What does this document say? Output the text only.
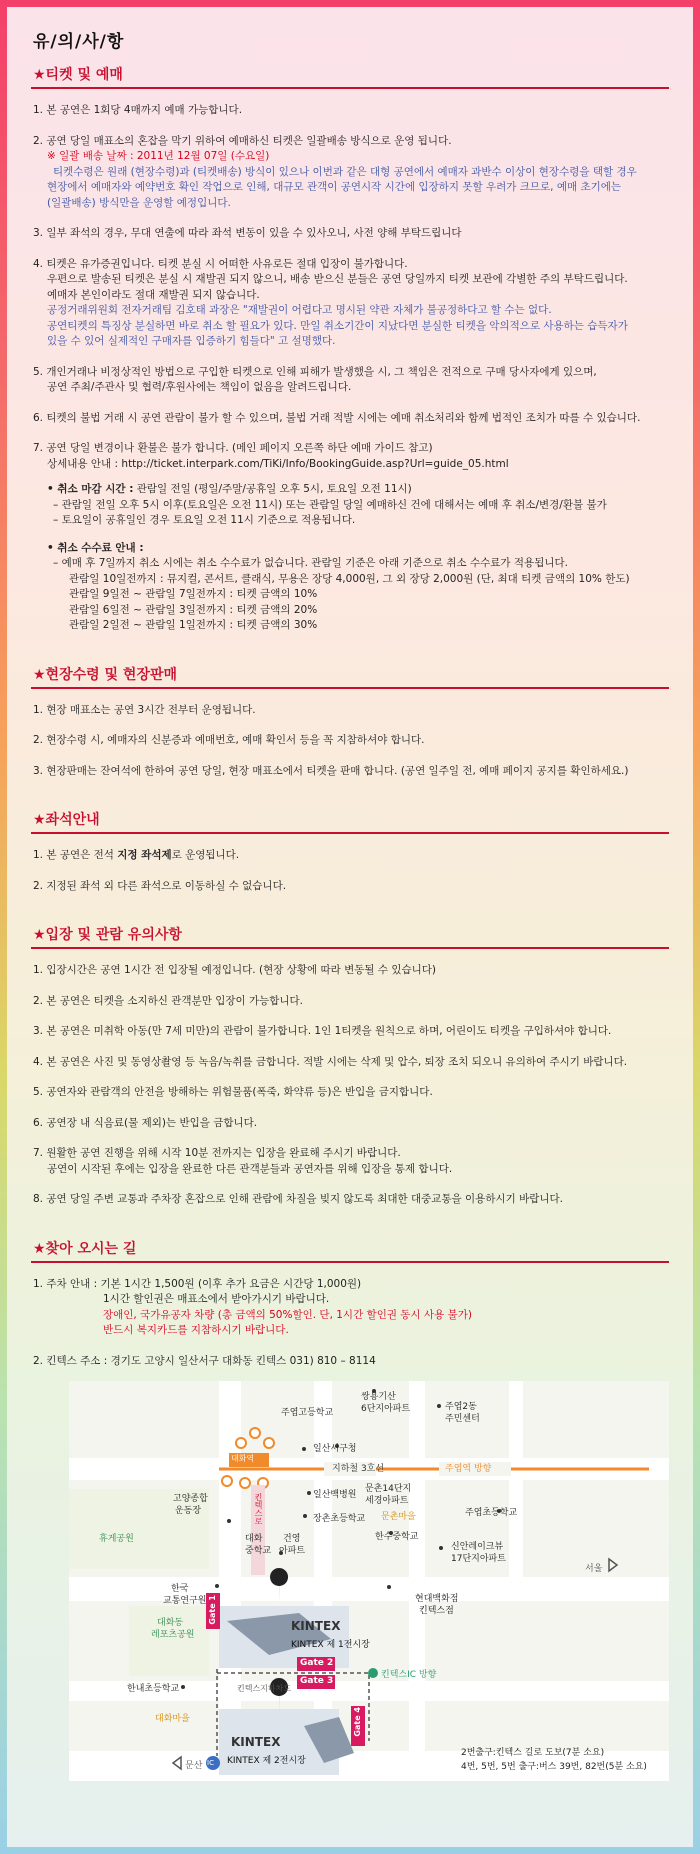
유/의/사/항
★티켓 및 예매
1. 본 공연은 1회당 4매까지 예매 가능합니다.
2. 공연 당일 매표소의 혼잡을 막기 위하여 예매하신 티켓은 일괄배송 방식으로 운영 됩니다.
※ 일괄 배송 날짜 : 2011년 12월 07일 (수요일)
티켓수령은 원래 (현장수령)과 (티켓배송) 방식이 있으나 이번과 같은 대형 공연에서 예매자 과반수 이상이 현장수령을 택할 경우
현장에서 예매자와 예약번호 확인 작업으로 인해, 대규모 관객이 공연시작 시간에 입장하지 못할 우려가 크므로, 예매 초기에는
(일괄배송) 방식만을 운영할 예정입니다.
3. 일부 좌석의 경우, 무대 연출에 따라 좌석 변동이 있을 수 있사오니, 사전 양해 부탁드립니다
4. 티켓은 유가증권입니다. 티켓 분실 시 어떠한 사유로든 절대 입장이 불가합니다.
우편으로 발송된 티켓은 분실 시 재발권 되지 않으니, 배송 받으신 분들은 공연 당일까지 티켓 보관에 각별한 주의 부탁드립니다.
예매자 본인이라도 절대 재발권 되지 않습니다.
공정거래위원회 전자거래팀 김호태 과장은 "재발권이 어렵다고 명시된 약관 자체가 불공정하다고 할 수는 없다.
공연티켓의 특징상 분실하면 바로 취소 할 필요가 있다. 만일 취소기간이 지났다면 분실한 티켓을 악의적으로 사용하는 습득자가
있을 수 있어 실제적인 구매자를 입증하기 힘들다" 고 설명했다.
5. 개인거래나 비정상적인 방법으로 구입한 티켓으로 인해 피해가 발생했을 시, 그 책임은 전적으로 구매 당사자에게 있으며,
공연 주최/주관사 및 협력/후원사에는 책임이 없음을 알려드립니다.
6. 티켓의 불법 거래 시 공연 관람이 불가 할 수 있으며, 불법 거래 적발 시에는 예매 취소처리와 함께 법적인 조치가 따를 수 있습니다.
7. 공연 당일 변경이나 환불은 불가 합니다. (메인 페이지 오른쪽 하단 예매 가이드 참고)
상세내용 안내 : http://ticket.interpark.com/TiKi/Info/BookingGuide.asp?Url=guide_05.html
• 취소 마감 시간 : 관람일 전일 (평일/주말/공휴일 오후 5시, 토요일 오전 11시)
– 관람일 전일 오후 5시 이후(토요일은 오전 11시) 또는 관람일 당일 예매하신 건에 대해서는 예매 후 취소/변경/환불 불가
– 토요일이 공휴일인 경우 토요일 오전 11시 기준으로 적용됩니다.
• 취소 수수료 안내 :
– 예매 후 7일까지 취소 시에는 취소 수수료가 없습니다. 관람일 기준은 아래 기준으로 취소 수수료가 적용됩니다.
관람일 10일전까지 : 뮤지컬, 콘서트, 클래식, 무용은 장당 4,000원, 그 외 장당 2,000원 (단, 최대 티켓 금액의 10% 한도)
관람일 9일전 ~ 관람일 7일전까지 : 티켓 금액의 10%
관람일 6일전 ~ 관람일 3일전까지 : 티켓 금액의 20%
관람일 2일전 ~ 관람일 1일전까지 : 티켓 금액의 30%
★현장수령 및 현장판매
1. 현장 매표소는 공연 3시간 전부터 운영됩니다.
2. 현장수령 시, 예매자의 신분증과 예매번호, 예매 확인서 등을 꼭 지참하셔야 합니다.
3. 현장판매는 잔여석에 한하여 공연 당일, 현장 매표소에서 티켓을 판매 합니다. (공연 일주일 전, 예매 페이지 공지를 확인하세요.)
★좌석안내
1. 본 공연은 전석 지정 좌석제로 운영됩니다.
2. 지정된 좌석 외 다른 좌석으로 이동하실 수 없습니다.
★입장 및 관람 유의사항
1. 입장시간은 공연 1시간 전 입장될 예정입니다. (현장 상황에 따라 변동될 수 있습니다)
2. 본 공연은 티켓을 소지하신 관객분만 입장이 가능합니다.
3. 본 공연은 미취학 아동(만 7세 미만)의 관람이 불가합니다. 1인 1티켓을 원칙으로 하며, 어린이도 티켓을 구입하셔야 합니다.
4. 본 공연은 사진 및 동영상촬영 등 녹음/녹취를 금합니다. 적발 시에는 삭제 및 압수, 퇴장 조치 되오니 유의하여 주시기 바랍니다.
5. 공연자와 관람객의 안전을 방해하는 위험물품(폭죽, 화약류 등)은 반입을 금지합니다.
6. 공연장 내 식음료(물 제외)는 반입을 금합니다.
7. 원활한 공연 진행을 위해 시작 10분 전까지는 입장을 완료해 주시기 바랍니다.
공연이 시작된 후에는 입장을 완료한 다른 관객분들과 공연자를 위해 입장을 통제 합니다.
8. 공연 당일 주변 교통과 주차장 혼잡으로 인해 관람에 차질을 빚지 않도록 최대한 대중교통을 이용하시기 바랍니다.
★찾아 오시는 길
1. 주차 안내 : 기본 1시간 1,500원 (이후 추가 요금은 시간당 1,000원)
1시간 할인권은 매표소에서 받아가시기 바랍니다.
장애인, 국가유공자 차량 (총 금액의 50%할인. 단, 1시간 할인권 동시 사용 불가)
반드시 복지카드를 지참하시기 바랍니다.
2. 킨텍스 주소 : 경기도 고양시 일산서구 대화동 킨텍스 031) 810 – 8114
지하철 3호선	주엽역 방향
대화역
킨텍스로
Gate 1
Gate 2
Gate 3
Gate 4
KINTEX
KINTEX 제 1전시장
KINTEX
KINTEX 제 2전시장
킨텍스IC 방향
킨텍스지하차도
서울
문산 IC
휴게공원
일산서구청
일산백병원
장촌초등학교
주엽고등학교
쌍용기산
6단지아파트	주엽2동
주민센터
문촌14단지
세경아파트
문촌마을
한수중학교
주엽초등학교
신안레이크뷰
17단지아파트
고양종합
운동장
대화
중학교
건영
아파트
한국
교통연구원
대화동
레포츠공원
현대백화점
킨텍스점
한내초등학교
대화마을
2번출구:킨텍스 길로 도보(7분 소요)
4번, 5번, 5번 출구:버스 39번, 82번(5분 소요)
